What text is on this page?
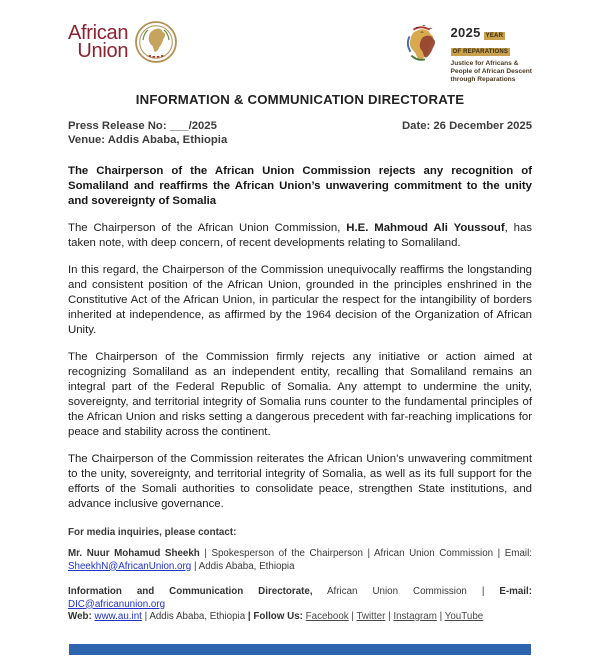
African
Union
2025 YEAR
OF REPARATIONS
Justice for Africans &
People of African Descent
through Reparations
INFORMATION & COMMUNICATION DIRECTORATE
Press Release No: ___/2025	Date: 26 December 2025
Venue: Addis Ababa, Ethiopia
The Chairperson of the African Union Commission rejects any recognition of Somaliland and reaffirms the African Union’s unwavering commitment to the unity and sovereignty of Somalia

The Chairperson of the African Union Commission, H.E. Mahmoud Ali Youssouf, has taken note, with deep concern, of recent developments relating to Somaliland.

In this regard, the Chairperson of the Commission unequivocally reaffirms the longstanding and consistent position of the African Union, grounded in the principles enshrined in the Constitutive Act of the African Union, in particular the respect for the intangibility of borders inherited at independence, as affirmed by the 1964 decision of the Organization of African Unity.

The Chairperson of the Commission firmly rejects any initiative or action aimed at recognizing Somaliland as an independent entity, recalling that Somaliland remains an integral part of the Federal Republic of Somalia. Any attempt to undermine the unity, sovereignty, and territorial integrity of Somalia runs counter to the fundamental principles of the African Union and risks setting a dangerous precedent with far-reaching implications for peace and stability across the continent.

The Chairperson of the Commission reiterates the African Union’s unwavering commitment to the unity, sovereignty, and territorial integrity of Somalia, as well as its full support for the efforts of the Somali authorities to consolidate peace, strengthen State institutions, and advance inclusive governance.

For media inquiries, please contact:
Mr. Nuur Mohamud Sheekh | Spokesperson of the Chairperson | African Union Commission | Email: SheekhN@AfricanUnion.org | Addis Ababa, Ethiopia
Information and Communication Directorate, African Union Commission | E-mail: DIC@africanunion.org
Web: www.au.int | Addis Ababa, Ethiopia | Follow Us: Facebook | Twitter | Instagram | YouTube
